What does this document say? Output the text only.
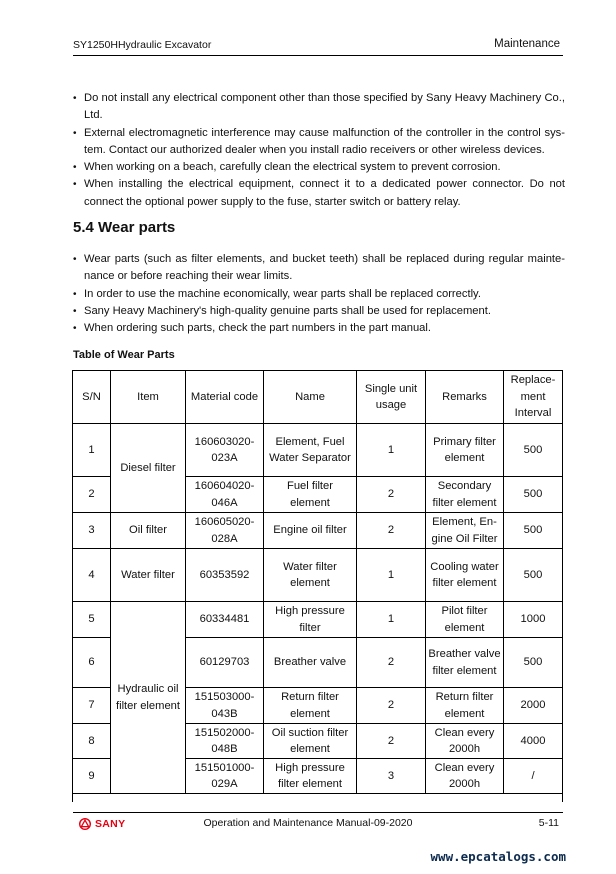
SY1250HHydraulic Excavator	Maintenance
• Do not install any electrical component other than those specified by Sany Heavy Machinery Co., Ltd.
• External electromagnetic interference may cause malfunction of the controller in the control sys-tem. Contact our authorized dealer when you install radio receivers or other wireless devices.
• When working on a beach, carefully clean the electrical system to prevent corrosion.
• When installing the electrical equipment, connect it to a dedicated power connector. Do not connect the optional power supply to the fuse, starter switch or battery relay.
5.4 Wear parts
• Wear parts (such as filter elements, and bucket teeth) shall be replaced during regular mainte-nance or before reaching their wear limits.
• In order to use the machine economically, wear parts shall be replaced correctly.
• Sany Heavy Machinery's high-quality genuine parts shall be used for replacement.
• When ordering such parts, check the part numbers in the part manual.
Table of Wear Parts
S/N	Item	Material code	Name	Single unit usage	Remarks	Replace-ment Interval
1	Diesel filter	160603020-023A	Element, Fuel Water Separator	1	Primary filter element	500
2		160604020-046A	Fuel filter element	2	Secondary filter element	500
3	Oil filter	160605020-028A	Engine oil filter	2	Element, En-gine Oil Filter	500
4	Water filter	60353592	Water filter element	1	Cooling water filter element	500
5	Hydraulic oil filter element	60334481	High pressure filter	1	Pilot filter element	1000
6		60129703	Breather valve	2	Breather valve filter element	500
7		151503000-043B	Return filter element	2	Return filter element	2000
8		151502000-048B	Oil suction filter element	2	Clean every 2000h	4000
9		151501000-029A	High pressure filter element	3	Clean every 2000h	/

SANY	Operation and Maintenance Manual-09-2020	5-11
www.epcatalogs.com
